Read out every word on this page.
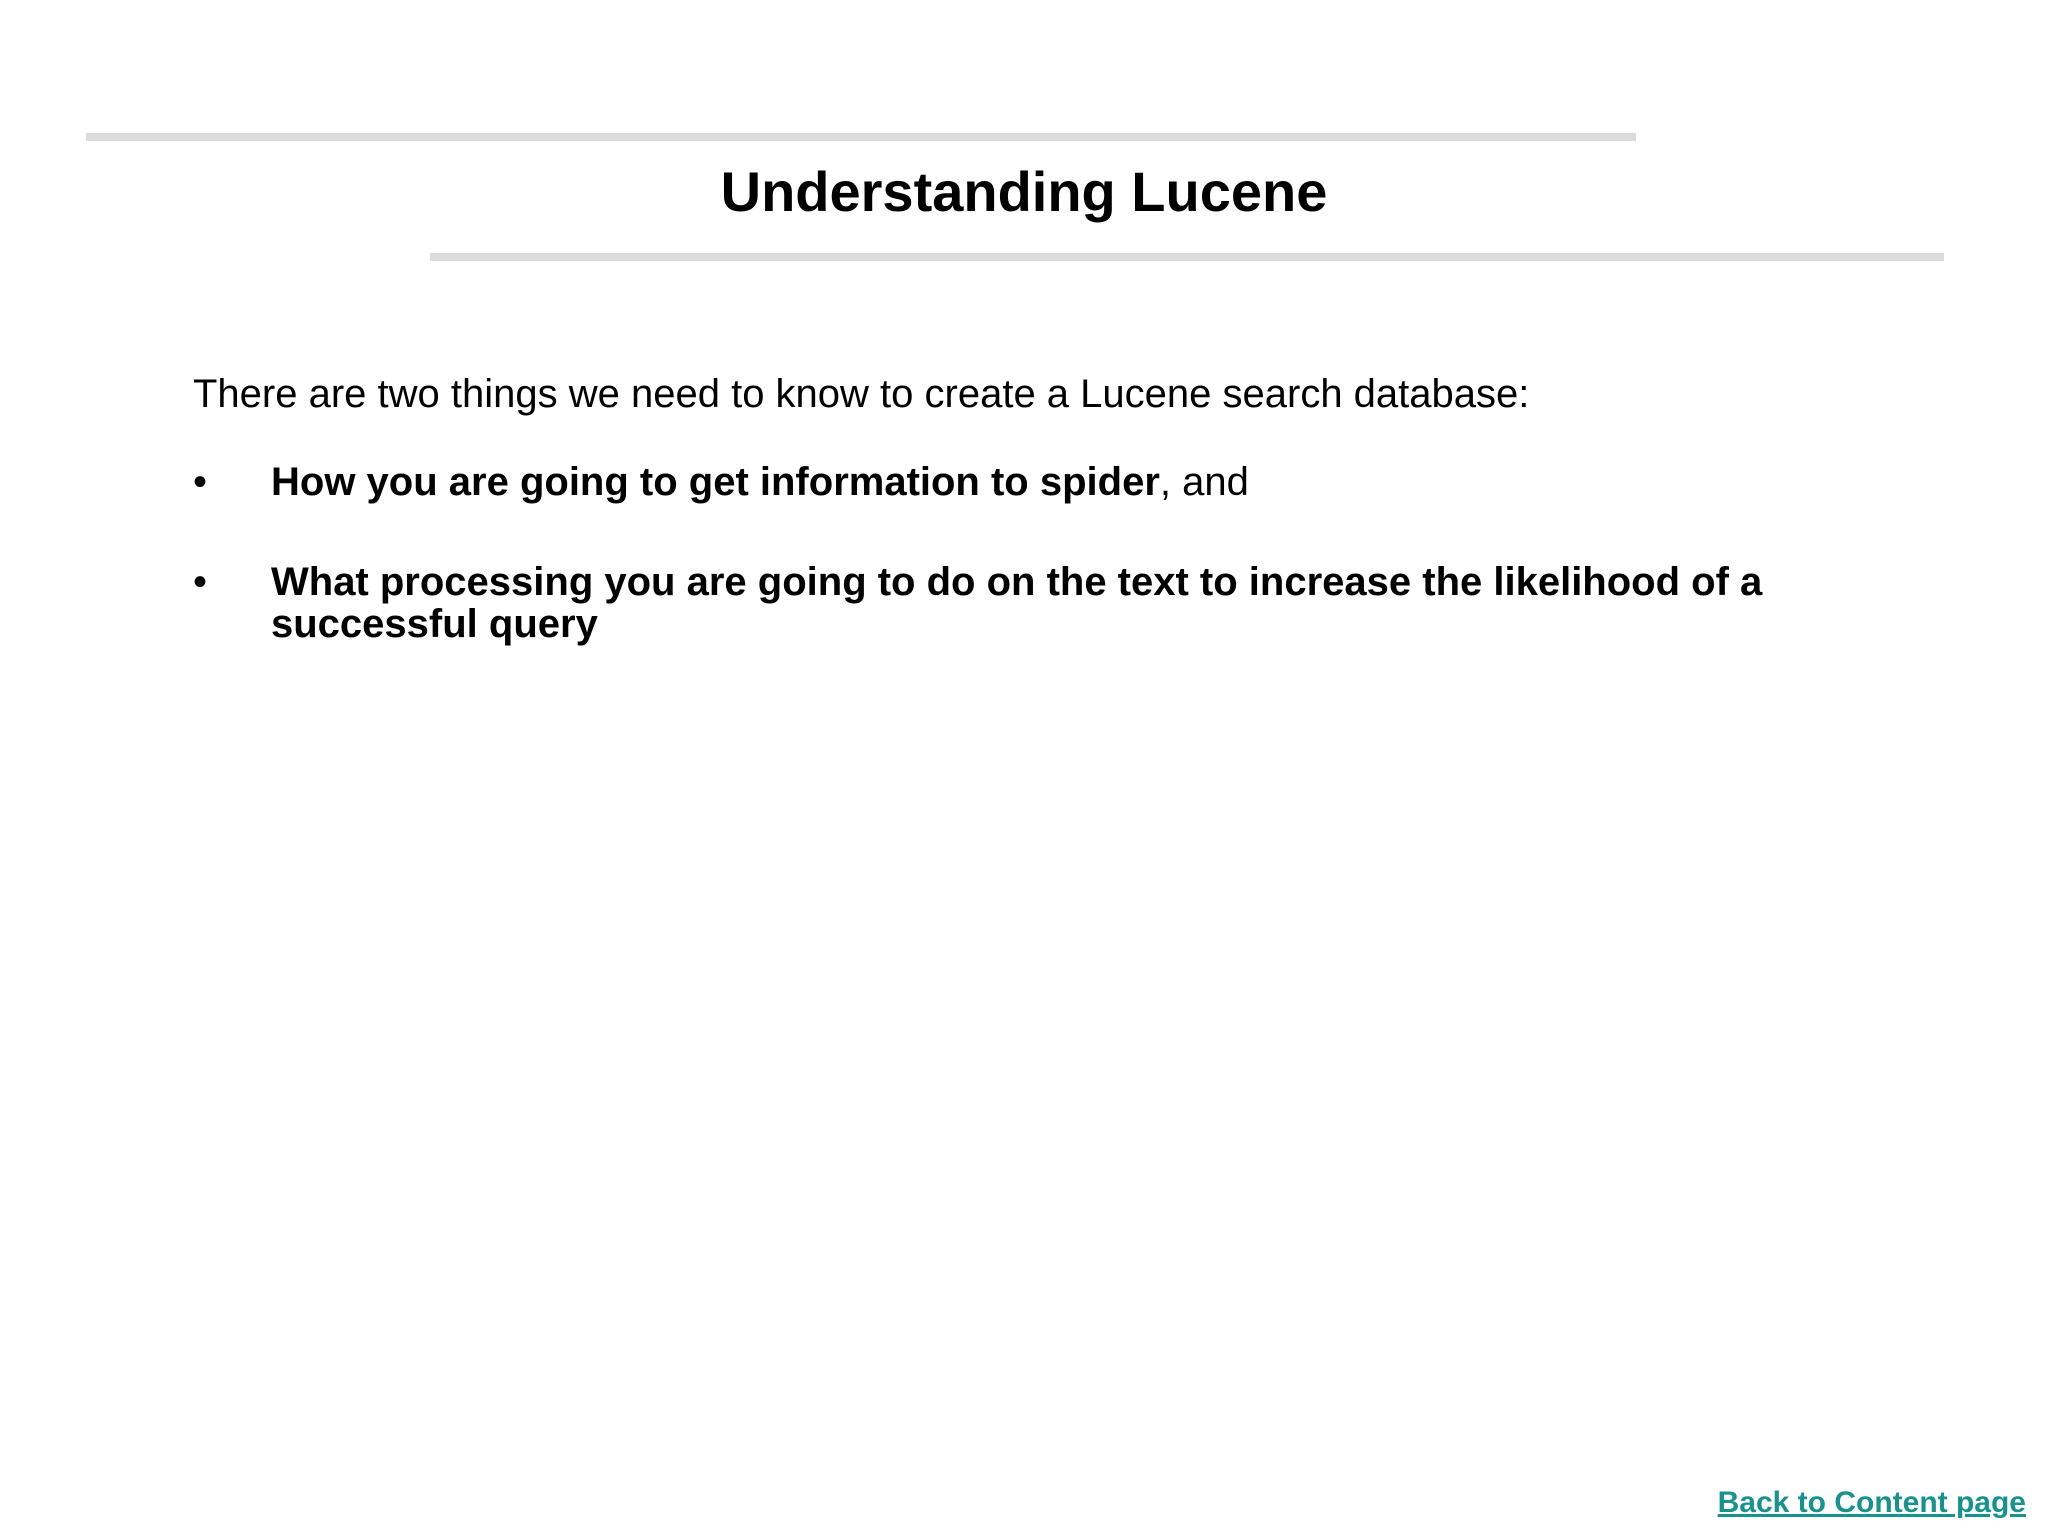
Understanding Lucene

There are two things we need to know to create a Lucene search database:

• How you are going to get information to spider, and
• What processing you are going to do on the text to increase the likelihood of a successful query
Back to Content page
